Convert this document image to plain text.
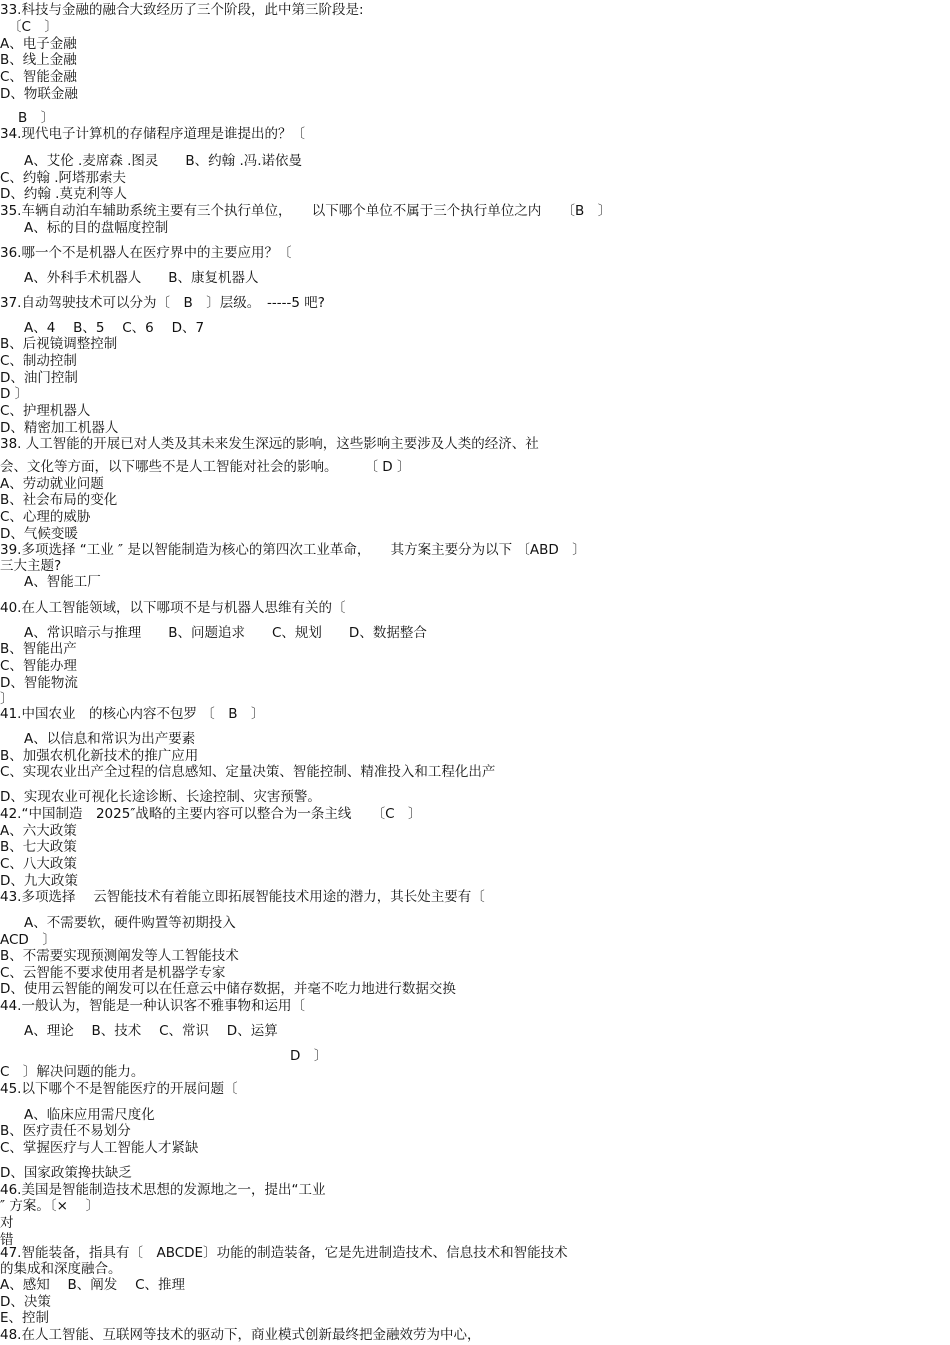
33.科技与金融的融合大致经历了三个阶段，此中第三阶段是:
〔C　〕
A、电子金融
B、线上金融
C、智能金融
D、物联金融
B　〕
34.现代电子计算机的存储程序道理是谁提出的？〔
A、艾伦 .麦席森 .图灵　　B、约翰 .冯.诺依曼
C、约翰 .阿塔那索夫
D、约翰 .莫克利等人
35.车辆自动泊车辅助系统主要有三个执行单位，　　以下哪个单位不属于三个执行单位之内　　〔B　〕
A、标的目的盘幅度控制
36.哪一个不是机器人在医疗界中的主要应用？〔
A、外科手术机器人　　B、康复机器人
37.自动驾驶技术可以分为〔　B　〕层级。　-----5 吧?
A、4　 B、5　 C、6　 D、7
B、后视镜调整控制
C、制动控制
D、油门控制
D 〕
C、护理机器人
D、精密加工机器人
38. 人工智能的开展已对人类及其未来发生深远的影响，这些影响主要涉及人类的经济、社
会、文化等方面，以下哪些不是人工智能对社会的影响。　　　〔 D 〕
A、劳动就业问题
B、社会布局的变化
C、心理的威胁
D、气候变暖
39.多项选择 “工业 ″ 是以智能制造为核心的第四次工业革命，　　其方案主要分为以下 〔ABD　〕
三大主题?
A、智能工厂
40.在人工智能领域，以下哪项不是与机器人思维有关的〔
A、常识暗示与推理　　B、问题追求　　C、规划　　D、数据整合
B、智能出产
C、智能办理
D、智能物流
〕
41.中国农业　的核心内容不包罗 〔　B　〕
A、以信息和常识为出产要素
B、加强农机化新技术的推广应用
C、实现农业出产全过程的信息感知、定量决策、智能控制、精准投入和工程化出产
D、实现农业可视化长途诊断、长途控制、灾害预警。
42.“中国制造　2025″战略的主要内容可以整合为一条主线　　〔C　〕
A、六大政策
B、七大政策
C、八大政策
D、九大政策
43.多项选择　 云智能技术有着能立即拓展智能技术用途的潜力，其长处主要有〔
A、不需要软，硬件购置等初期投入
ACD　〕
B、不需要实现预测阐发等人工智能技术
C、云智能不要求使用者是机器学专家
D、使用云智能的阐发可以在任意云中储存数据，并毫不吃力地进行数据交换
44.一般认为，智能是一种认识客不雅事物和运用〔
A、理论　 B、技术　 C、常识　 D、运算
D　〕
C　〕解决问题的能力。
45.以下哪个不是智能医疗的开展问题〔
A、临床应用需尺度化
B、医疗责任不易划分
C、掌握医疗与人工智能人才紧缺
D、国家政策搀扶缺乏
46.美国是智能制造技术思想的发源地之一，提出“工业
″ 方案。〔×　 〕
对
错
47.智能装备，指具有〔　ABCDE〕功能的制造装备，它是先进制造技术、信息技术和智能技术
的集成和深度融合。
A、感知　 B、阐发　 C、推理
D、决策
E、控制
48.在人工智能、互联网等技术的驱动下，商业模式创新最终把金融效劳为中心，
